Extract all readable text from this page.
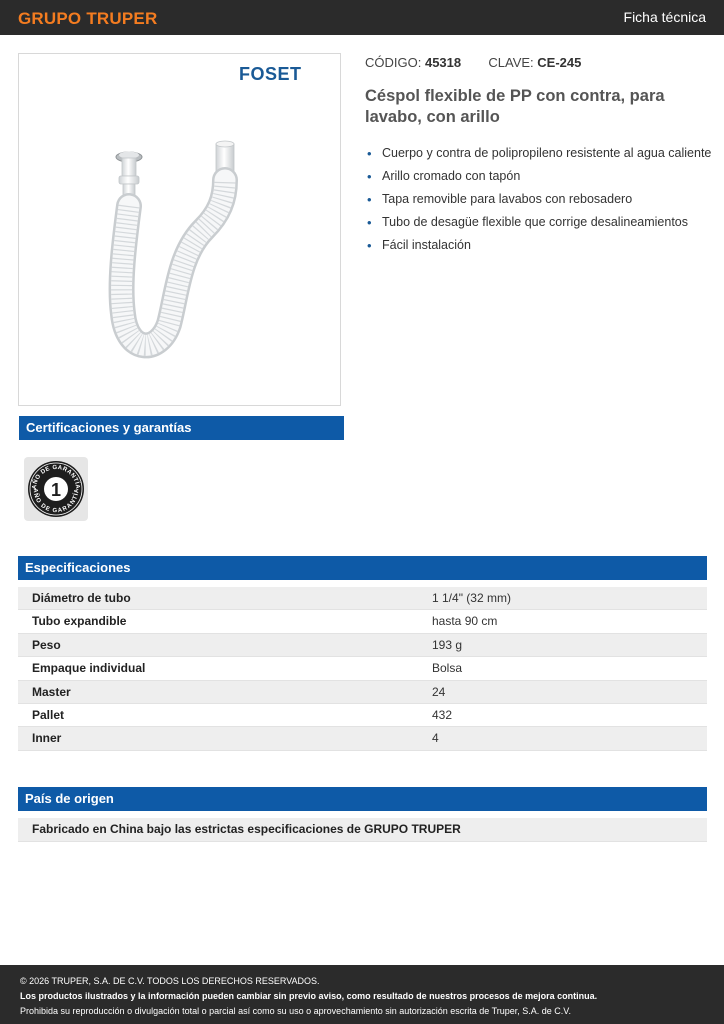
GRUPO TRUPER	Ficha técnica
FOSET
CÓDIGO: 45318 CLAVE: CE-245
Céspol flexible de PP con contra, para lavabo, con arillo
• Cuerpo y contra de polipropileno resistente al agua caliente
• Arillo cromado con tapón
• Tapa removible para lavabos con rebosadero
• Tubo de desagüe flexible que corrige desalineamientos
• Fácil instalación
Certificaciones y garantías
AÑO DE GARANTÍA
AÑO DE GARANTÍA
1
Especificaciones
Diámetro de tubo	1 1/4" (32 mm)
Tubo expandible	hasta 90 cm
Peso	193 g
Empaque individual	Bolsa
Master	24
Pallet	432
Inner	4
País de origen
Fabricado en China bajo las estrictas especificaciones de GRUPO TRUPER
© 2026 TRUPER, S.A. DE C.V. TODOS LOS DERECHOS RESERVADOS.
Los productos ilustrados y la información pueden cambiar sin previo aviso, como resultado de nuestros procesos de mejora continua.
Prohibida su reproducción o divulgación total o parcial así como su uso o aprovechamiento sin autorización escrita de Truper, S.A. de C.V.
